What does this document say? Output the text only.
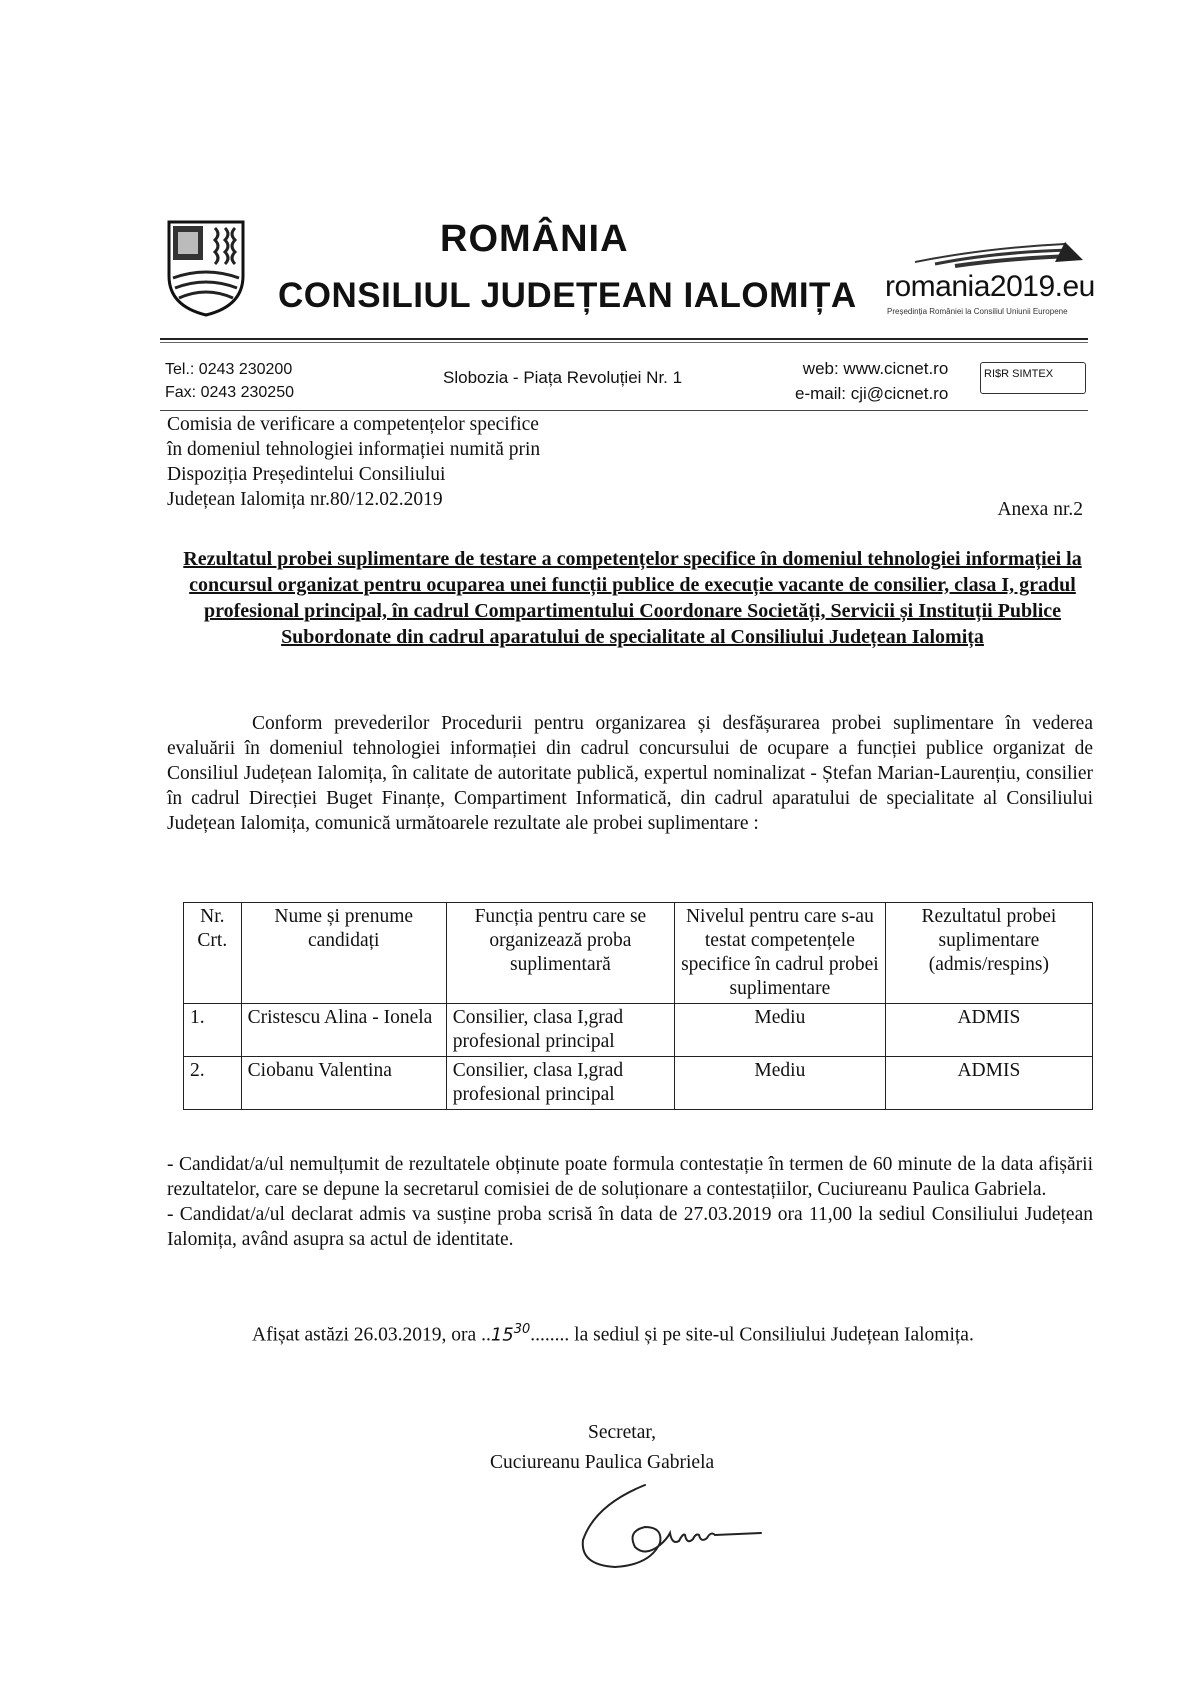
ROMÂNIA
CONSILIUL JUDEȚEAN IALOMIȚA romania2019.eu
Președinția României la Consiliul Uniunii Europene
Tel.: 0243 230200
Fax: 0243 230250
Slobozia - Piața Revoluției Nr. 1	web: www.cicnet.ro
e-mail: cji@cicnet.ro
RI$R SIMTEX
Comisia de verificare a competențelor specifice
în domeniul tehnologiei informației numită prin
Dispoziția Președintelui Consiliului
Județean Ialomița nr.80/12.02.2019	Anexa nr.2
Rezultatul probei suplimentare de testare a competențelor specifice în domeniul tehnologiei informației la concursul organizat pentru ocuparea unei funcții publice de execuție vacante de consilier, clasa I, gradul profesional principal, în cadrul Compartimentului Coordonare Societăți, Servicii și Instituții Publice Subordonate din cadrul aparatului de specialitate al Consiliului Județean Ialomița

Conform prevederilor Procedurii pentru organizarea și desfășurarea probei suplimentare în vederea evaluării în domeniul tehnologiei informației din cadrul concursului de ocupare a funcției publice organizat de Consiliul Județean Ialomița, în calitate de autoritate publică, expertul nominalizat - Ștefan Marian-Laurențiu, consilier în cadrul Direcției Buget Finanțe, Compartiment Informatică, din cadrul aparatului de specialitate al Consiliului Județean Ialomița, comunică următoarele rezultate ale probei suplimentare :

Nr. Crt.	Nume și prenume candidați	Funcția pentru care se organizează proba suplimentară	Nivelul pentru care s-au testat competențele specifice în cadrul probei suplimentare	Rezultatul probei suplimentare (admis/respins)
1.	Cristescu Alina - Ionela	Consilier, clasa I,grad profesional principal	Mediu	ADMIS
2.	Ciobanu Valentina	Consilier, clasa I,grad profesional principal	Mediu	ADMIS

- Candidat/a/ul nemulțumit de rezultatele obținute poate formula contestație în termen de 60 minute de la data afișării rezultatelor, care se depune la secretarul comisiei de de soluționare a contestațiilor, Cuciureanu Paulica Gabriela.

- Candidat/a/ul declarat admis va susține proba scrisă în data de 27.03.2019 ora 11,00 la sediul Consiliului Județean Ialomița, având asupra sa actul de identitate.

Afișat astăzi 26.03.2019, ora ..15$^{30}$........ la sediul și pe site-ul Consiliului Județean Ialomița.

Secretar,
Cuciureanu Paulica Gabriela
